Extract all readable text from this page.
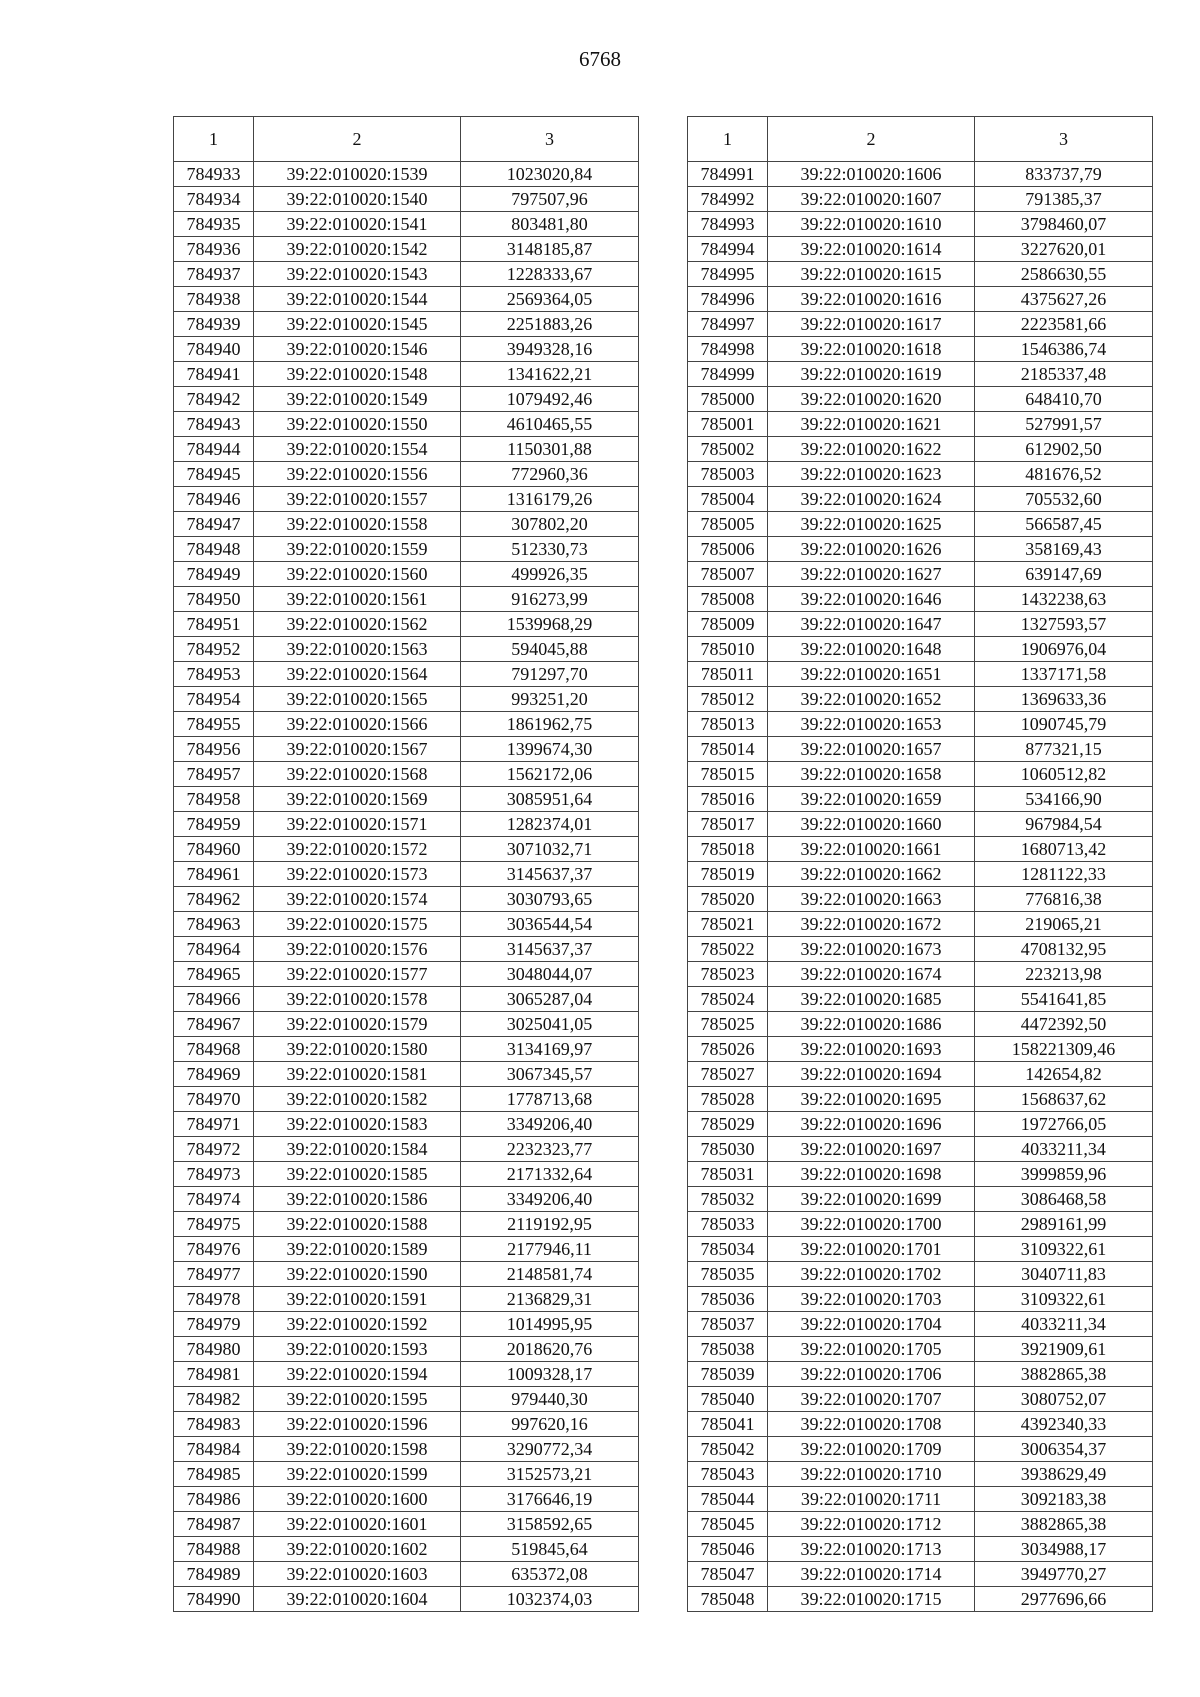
6768
1	2	3
784933	39:22:010020:1539	1023020,84
784934	39:22:010020:1540	797507,96
784935	39:22:010020:1541	803481,80
784936	39:22:010020:1542	3148185,87
784937	39:22:010020:1543	1228333,67
784938	39:22:010020:1544	2569364,05
784939	39:22:010020:1545	2251883,26
784940	39:22:010020:1546	3949328,16
784941	39:22:010020:1548	1341622,21
784942	39:22:010020:1549	1079492,46
784943	39:22:010020:1550	4610465,55
784944	39:22:010020:1554	1150301,88
784945	39:22:010020:1556	772960,36
784946	39:22:010020:1557	1316179,26
784947	39:22:010020:1558	307802,20
784948	39:22:010020:1559	512330,73
784949	39:22:010020:1560	499926,35
784950	39:22:010020:1561	916273,99
784951	39:22:010020:1562	1539968,29
784952	39:22:010020:1563	594045,88
784953	39:22:010020:1564	791297,70
784954	39:22:010020:1565	993251,20
784955	39:22:010020:1566	1861962,75
784956	39:22:010020:1567	1399674,30
784957	39:22:010020:1568	1562172,06
784958	39:22:010020:1569	3085951,64
784959	39:22:010020:1571	1282374,01
784960	39:22:010020:1572	3071032,71
784961	39:22:010020:1573	3145637,37
784962	39:22:010020:1574	3030793,65
784963	39:22:010020:1575	3036544,54
784964	39:22:010020:1576	3145637,37
784965	39:22:010020:1577	3048044,07
784966	39:22:010020:1578	3065287,04
784967	39:22:010020:1579	3025041,05
784968	39:22:010020:1580	3134169,97
784969	39:22:010020:1581	3067345,57
784970	39:22:010020:1582	1778713,68
784971	39:22:010020:1583	3349206,40
784972	39:22:010020:1584	2232323,77
784973	39:22:010020:1585	2171332,64
784974	39:22:010020:1586	3349206,40
784975	39:22:010020:1588	2119192,95
784976	39:22:010020:1589	2177946,11
784977	39:22:010020:1590	2148581,74
784978	39:22:010020:1591	2136829,31
784979	39:22:010020:1592	1014995,95
784980	39:22:010020:1593	2018620,76
784981	39:22:010020:1594	1009328,17
784982	39:22:010020:1595	979440,30
784983	39:22:010020:1596	997620,16
784984	39:22:010020:1598	3290772,34
784985	39:22:010020:1599	3152573,21
784986	39:22:010020:1600	3176646,19
784987	39:22:010020:1601	3158592,65
784988	39:22:010020:1602	519845,64
784989	39:22:010020:1603	635372,08
784990	39:22:010020:1604	1032374,03
1	2	3
784991	39:22:010020:1606	833737,79
784992	39:22:010020:1607	791385,37
784993	39:22:010020:1610	3798460,07
784994	39:22:010020:1614	3227620,01
784995	39:22:010020:1615	2586630,55
784996	39:22:010020:1616	4375627,26
784997	39:22:010020:1617	2223581,66
784998	39:22:010020:1618	1546386,74
784999	39:22:010020:1619	2185337,48
785000	39:22:010020:1620	648410,70
785001	39:22:010020:1621	527991,57
785002	39:22:010020:1622	612902,50
785003	39:22:010020:1623	481676,52
785004	39:22:010020:1624	705532,60
785005	39:22:010020:1625	566587,45
785006	39:22:010020:1626	358169,43
785007	39:22:010020:1627	639147,69
785008	39:22:010020:1646	1432238,63
785009	39:22:010020:1647	1327593,57
785010	39:22:010020:1648	1906976,04
785011	39:22:010020:1651	1337171,58
785012	39:22:010020:1652	1369633,36
785013	39:22:010020:1653	1090745,79
785014	39:22:010020:1657	877321,15
785015	39:22:010020:1658	1060512,82
785016	39:22:010020:1659	534166,90
785017	39:22:010020:1660	967984,54
785018	39:22:010020:1661	1680713,42
785019	39:22:010020:1662	1281122,33
785020	39:22:010020:1663	776816,38
785021	39:22:010020:1672	219065,21
785022	39:22:010020:1673	4708132,95
785023	39:22:010020:1674	223213,98
785024	39:22:010020:1685	5541641,85
785025	39:22:010020:1686	4472392,50
785026	39:22:010020:1693	158221309,46
785027	39:22:010020:1694	142654,82
785028	39:22:010020:1695	1568637,62
785029	39:22:010020:1696	1972766,05
785030	39:22:010020:1697	4033211,34
785031	39:22:010020:1698	3999859,96
785032	39:22:010020:1699	3086468,58
785033	39:22:010020:1700	2989161,99
785034	39:22:010020:1701	3109322,61
785035	39:22:010020:1702	3040711,83
785036	39:22:010020:1703	3109322,61
785037	39:22:010020:1704	4033211,34
785038	39:22:010020:1705	3921909,61
785039	39:22:010020:1706	3882865,38
785040	39:22:010020:1707	3080752,07
785041	39:22:010020:1708	4392340,33
785042	39:22:010020:1709	3006354,37
785043	39:22:010020:1710	3938629,49
785044	39:22:010020:1711	3092183,38
785045	39:22:010020:1712	3882865,38
785046	39:22:010020:1713	3034988,17
785047	39:22:010020:1714	3949770,27
785048	39:22:010020:1715	2977696,66
